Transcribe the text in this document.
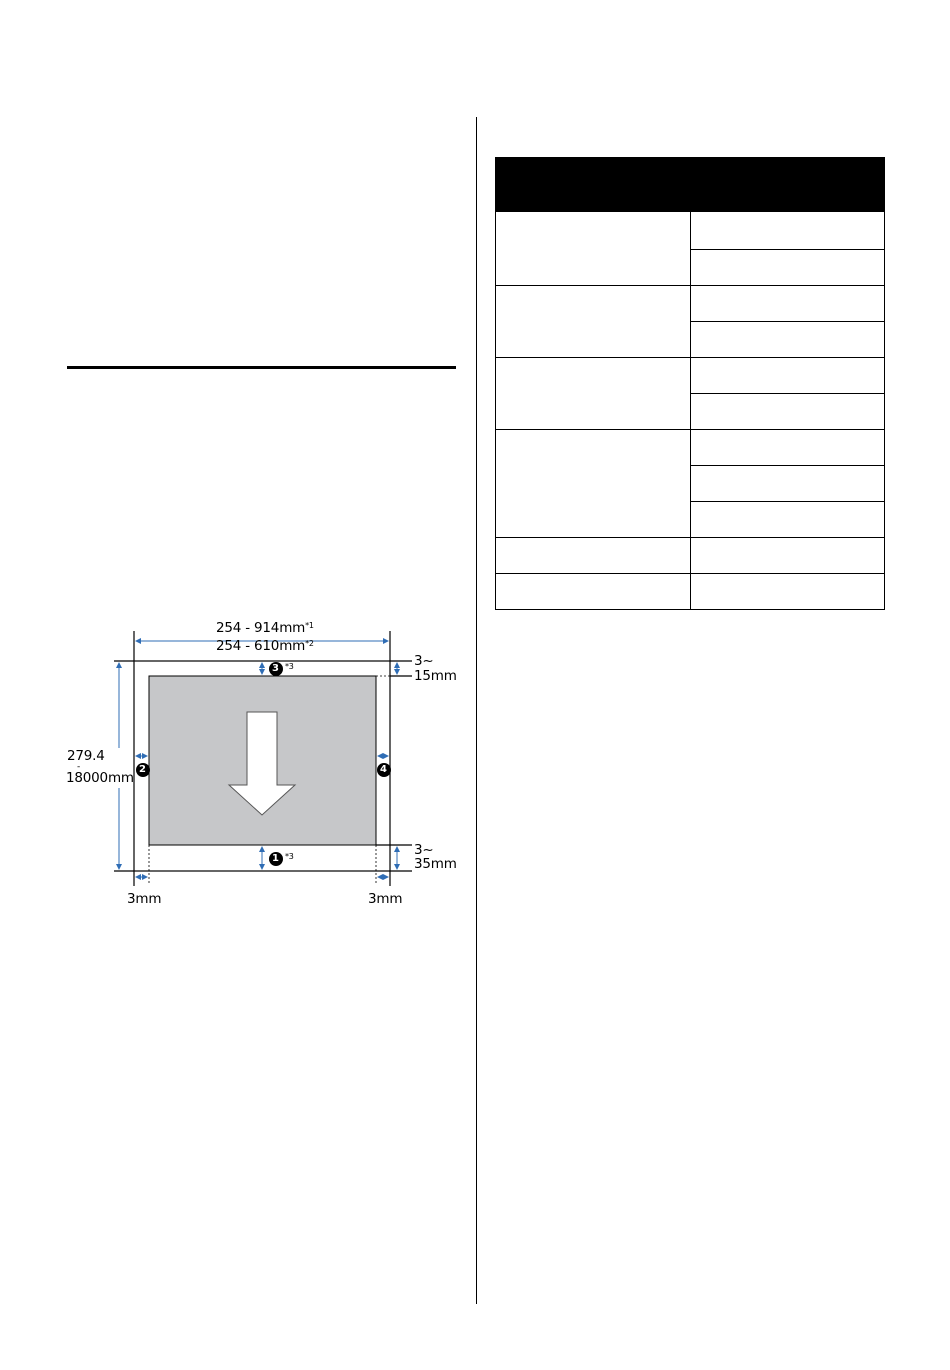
3
1
2	4
*3
*3
$254 - 914mm^{*1}$
$254 - 610mm^{*2}$
279.4
-
18000mm
3~
15mm
3~
35mm
3mm	3mm
